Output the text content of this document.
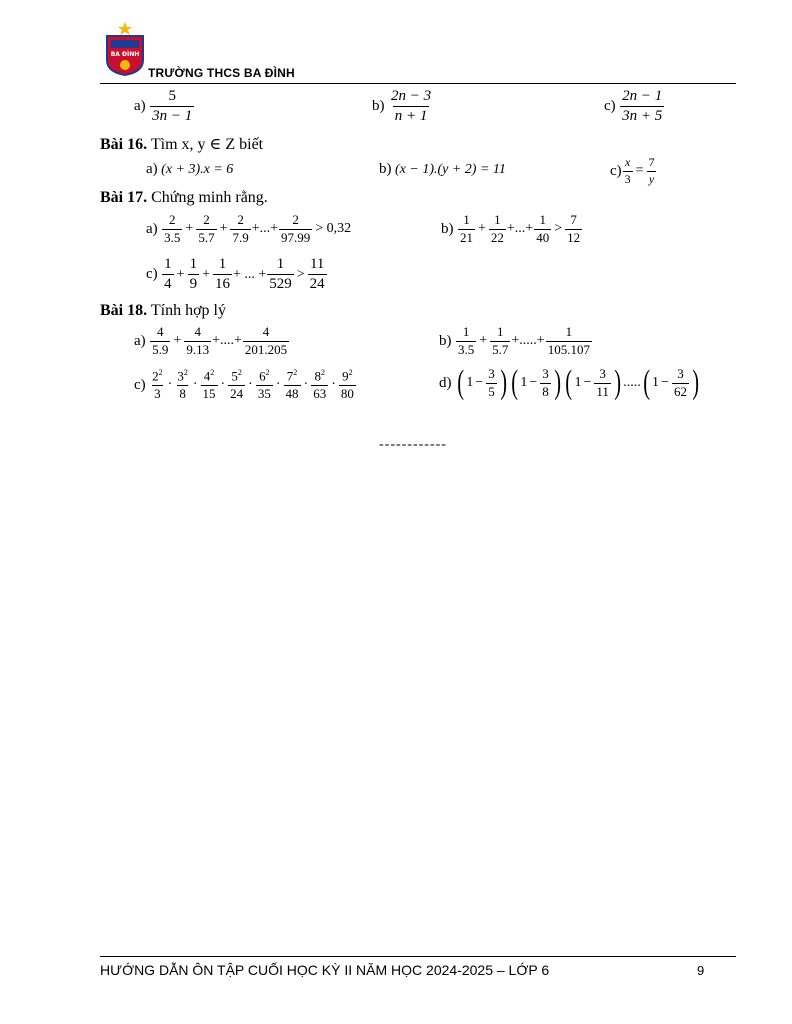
BA ĐÌNH
TRƯỜNG THCS BA ĐÌNH
a)
$\frac{5}{3n - 1}$	b)
$\frac{2n - 3}{n + 1}$	c)
$\frac{2n - 1}{3n + 5}$
Bài 16. Tìm x, y ∈ Z biết
a)
(x + 3).x = 6	b)
(x − 1).(y + 2) = 11	$c) \frac{x}{3} = \frac{7}{y}$
Bài 17. Chứng minh rằng.
a)
$\frac{2}{3.5} + \frac{2}{5.7} + \frac{2}{7.9}$ +...+ $\frac{2}{97.99} > 0,32$	b)
$\frac{1}{21} + \frac{1}{22}$ +...+ $\frac{1}{40} > \frac{7}{12}$
c)
$\frac{1}{4} + \frac{1}{9} + \frac{1}{16}$ + ... + $\frac{1}{529} > \frac{11}{24}$
Bài 18. Tính hợp lý
a)
$\frac{4}{5.9} + \frac{4}{9.13}$ +....+ $\frac{4}{201.205}$	b)
$\frac{1}{3.5} + \frac{1}{5.7}$ +.....+ $\frac{1}{105.107}$
c)
$\frac{2^2}{3} \cdot \frac{3^2}{8} \cdot \frac{4^2}{15} \cdot \frac{5^2}{24} \cdot \frac{6^2}{35} \cdot \frac{7^2}{48} \cdot \frac{8^2}{63} \cdot \frac{9^2}{80}$	d)
( $1 - \frac{3}{5}$ ) ( $1 - \frac{3}{8}$ ) ( $1 - \frac{3}{11}$ ) ..... ( $1 - \frac{3}{62}$ )
------------
HƯỚNG DẪN ÔN TẬP CUỐI HỌC KỲ II NĂM HỌC 2024-2025 – LỚP 6	9
